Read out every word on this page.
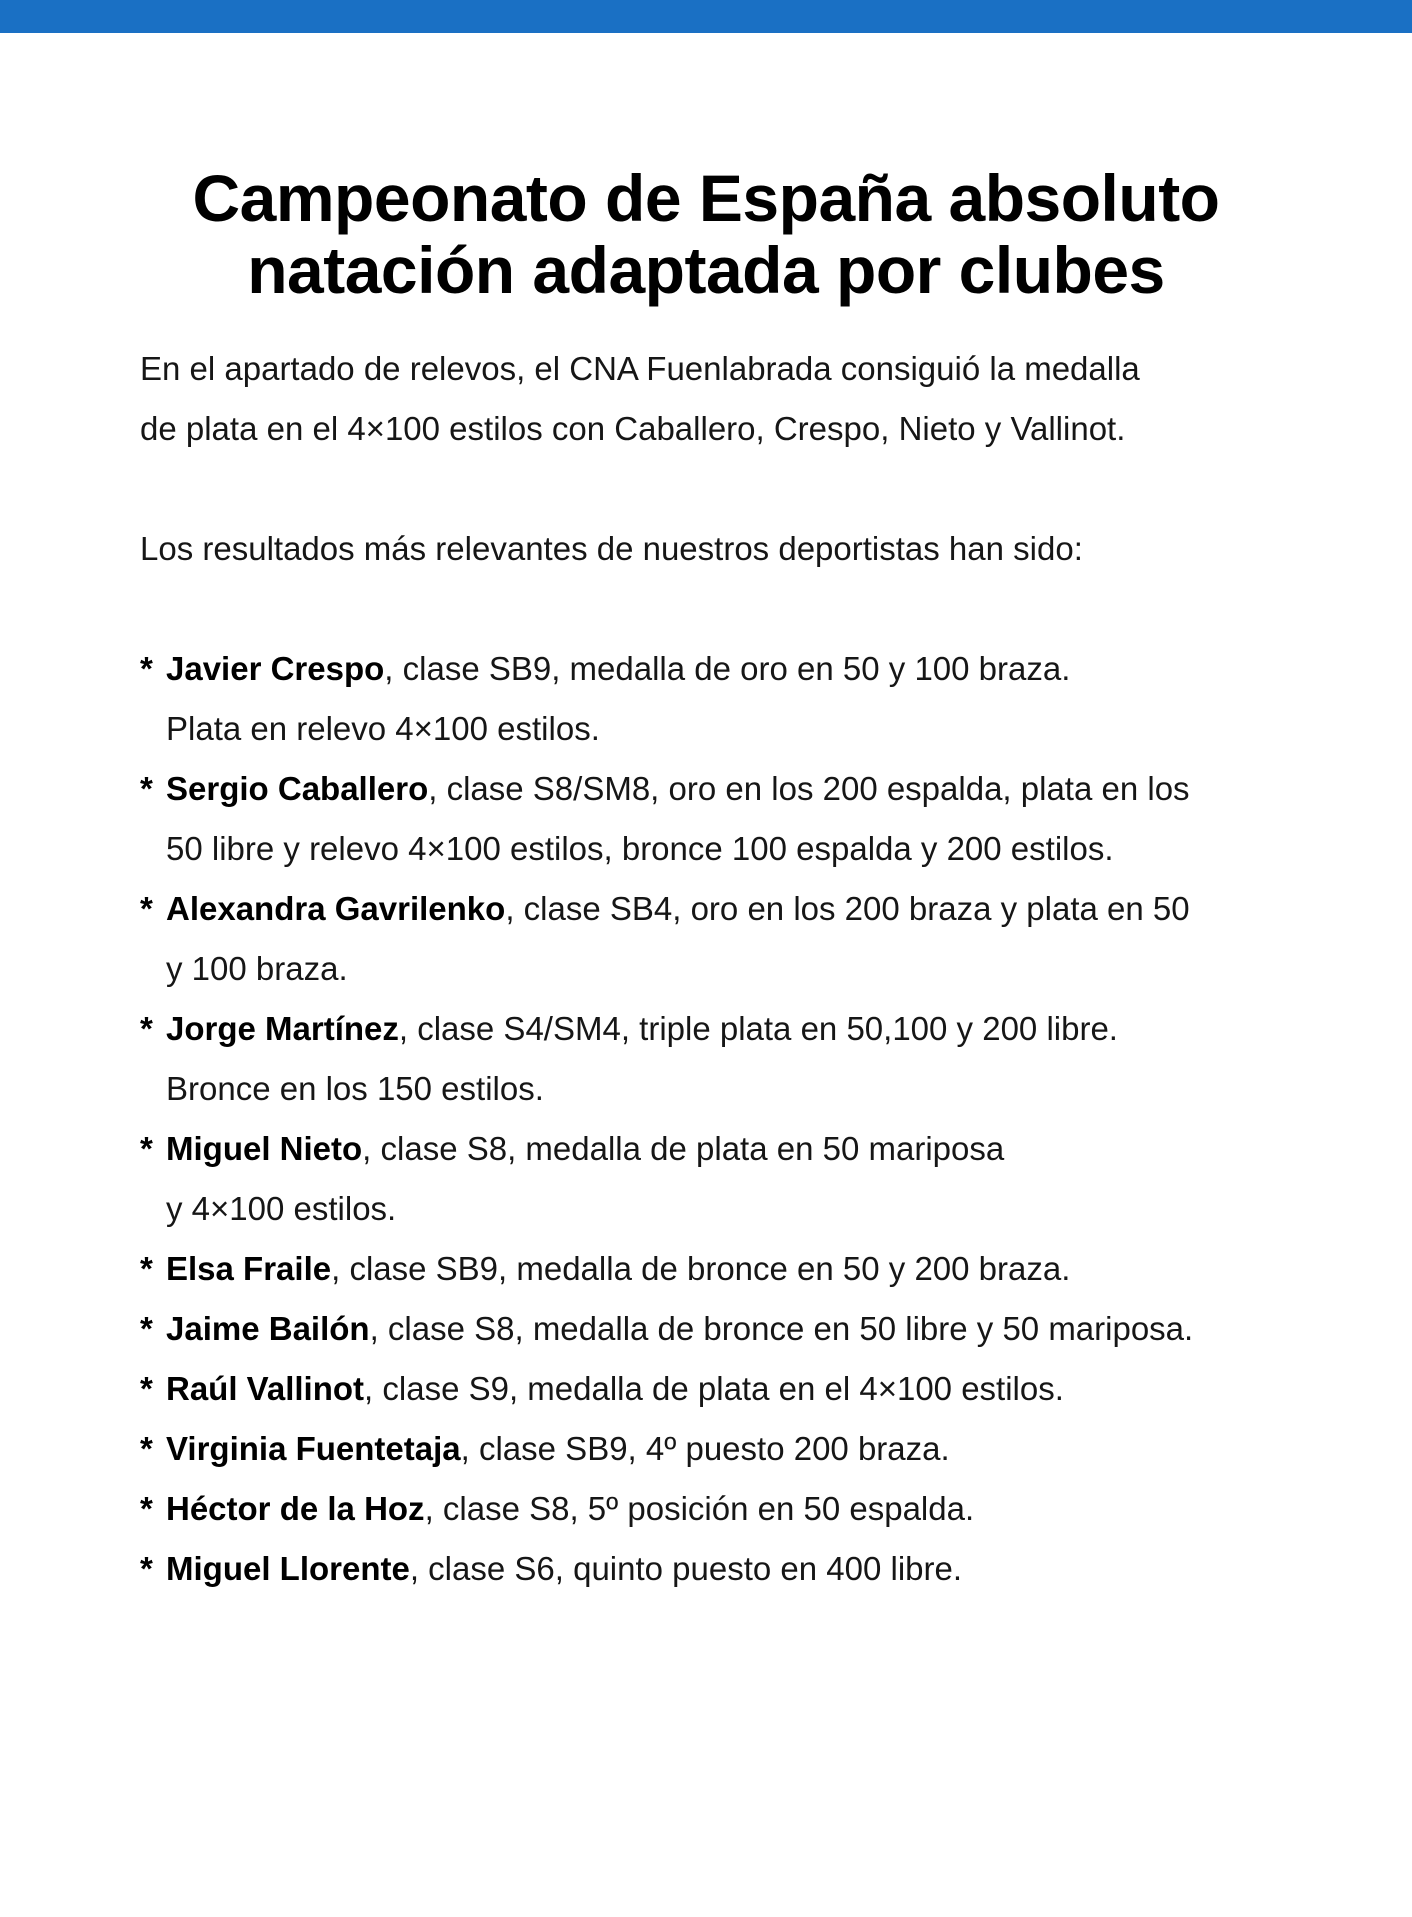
Campeonato de España absoluto
natación adaptada por clubes
En el apartado de relevos, el CNA Fuenlabrada consiguió la medalla
de plata en el 4×100 estilos con Caballero, Crespo, Nieto y Vallinot.
Los resultados más relevantes de nuestros deportistas han sido:
* Javier Crespo, clase SB9, medalla de oro en 50 y 100 braza.
Plata en relevo 4×100 estilos.
* Sergio Caballero, clase S8/SM8, oro en los 200 espalda, plata en los
50 libre y relevo 4×100 estilos, bronce 100 espalda y 200 estilos.
* Alexandra Gavrilenko, clase SB4, oro en los 200 braza y plata en 50
y 100 braza.
* Jorge Martínez, clase S4/SM4, triple plata en 50,100 y 200 libre.
Bronce en los 150 estilos.
* Miguel Nieto, clase S8, medalla de plata en 50 mariposa
y 4×100 estilos.
* Elsa Fraile, clase SB9, medalla de bronce en 50 y 200 braza.
* Jaime Bailón, clase S8, medalla de bronce en 50 libre y 50 mariposa.
* Raúl Vallinot, clase S9, medalla de plata en el 4×100 estilos.
* Virginia Fuentetaja, clase SB9, 4º puesto 200 braza.
* Héctor de la Hoz, clase S8, 5º posición en 50 espalda.
* Miguel Llorente, clase S6, quinto puesto en 400 libre.
